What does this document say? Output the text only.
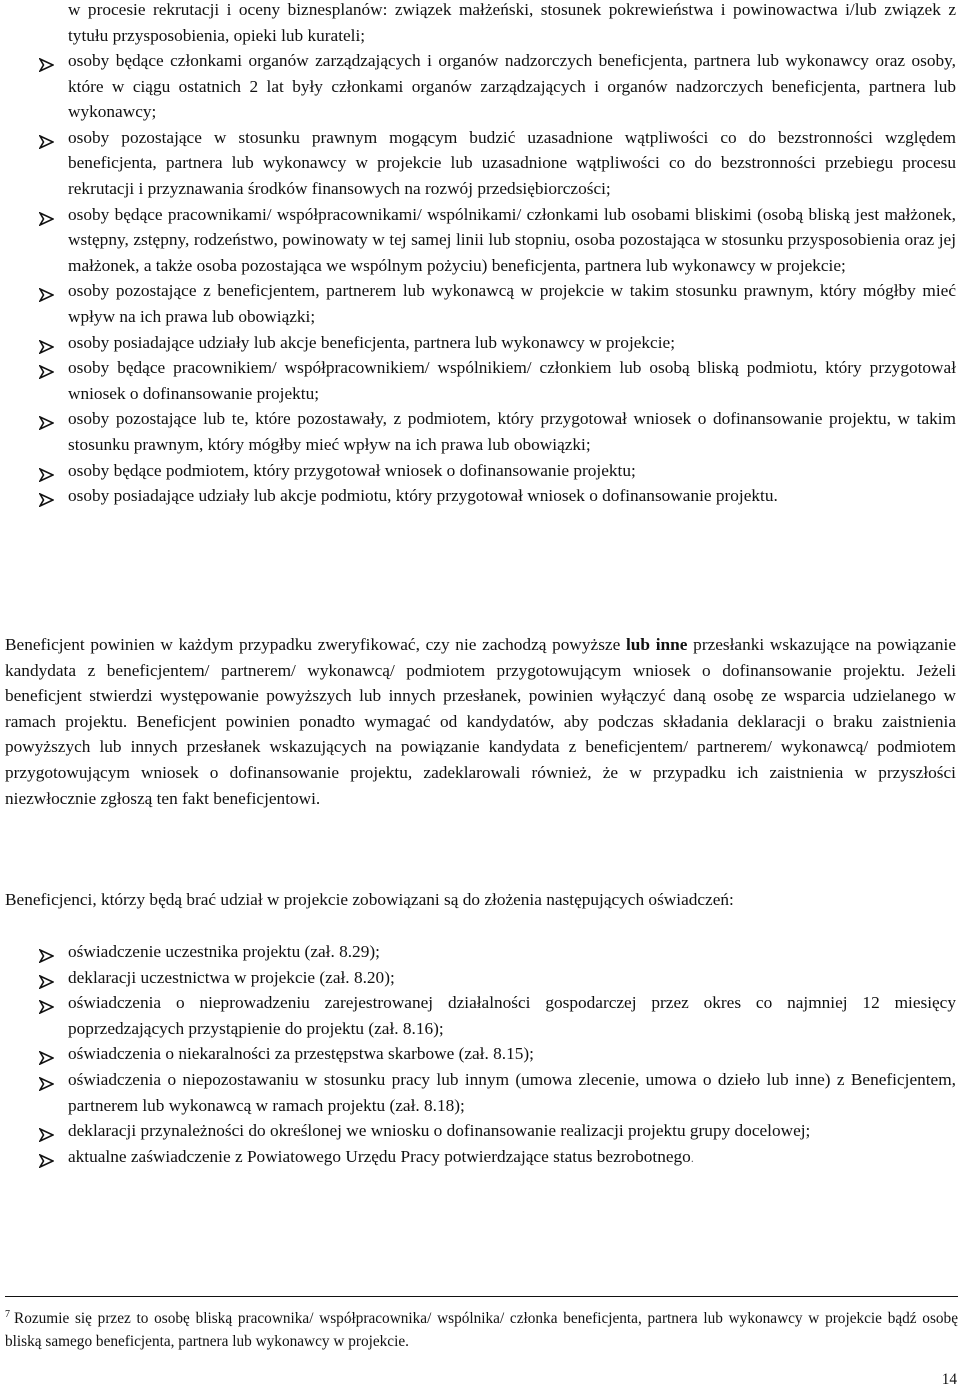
w procesie rekrutacji i oceny biznesplanów: związek małżeński, stosunek pokrewieństwa i powinowactwa i/lub związek z tytułu przysposobienia, opieki lub kurateli;
osoby będące członkami organów zarządzających i organów nadzorczych beneficjenta, partnera lub wykonawcy oraz osoby, które w ciągu ostatnich 2 lat były członkami organów zarządzających i organów nadzorczych beneficjenta, partnera lub wykonawcy;
osoby pozostające w stosunku prawnym mogącym budzić uzasadnione wątpliwości co do bezstronności względem beneficjenta, partnera lub wykonawcy w projekcie lub uzasadnione wątpliwości co do bezstronności przebiegu procesu rekrutacji i przyznawania środków finansowych na rozwój przedsiębiorczości;
osoby będące pracownikami/ współpracownikami/ wspólnikami/ członkami lub osobami bliskimi (osobą bliską jest małżonek, wstępny, zstępny, rodzeństwo, powinowaty w tej samej linii lub stopniu, osoba pozostająca w stosunku przysposobienia oraz jej małżonek, a także osoba pozostająca we wspólnym pożyciu) beneficjenta, partnera lub wykonawcy w projekcie;
osoby pozostające z beneficjentem, partnerem lub wykonawcą w projekcie w takim stosunku prawnym, który mógłby mieć wpływ na ich prawa lub obowiązki;
osoby posiadające udziały lub akcje beneficjenta, partnera lub wykonawcy w projekcie;
osoby będące pracownikiem/ współpracownikiem/ wspólnikiem/ członkiem lub osobą bliską podmiotu, który przygotował wniosek o dofinansowanie projektu;
osoby pozostające lub te, które pozostawały, z podmiotem, który przygotował wniosek o dofinansowanie projektu, w takim stosunku prawnym, który mógłby mieć wpływ na ich prawa lub obowiązki;
osoby będące podmiotem, który przygotował wniosek o dofinansowanie projektu;
osoby posiadające udziały lub akcje podmiotu, który przygotował wniosek o dofinansowanie projektu.

Beneficjent powinien w każdym przypadku zweryfikować, czy nie zachodzą powyższe lub inne przesłanki wskazujące na powiązanie kandydata z beneficjentem/ partnerem/ wykonawcą/ podmiotem przygotowującym wniosek o dofinansowanie projektu. Jeżeli beneficjent stwierdzi występowanie powyższych lub innych przesłanek, powinien wyłączyć daną osobę ze wsparcia udzielanego w ramach projektu. Beneficjent powinien ponadto wymagać od kandydatów, aby podczas składania deklaracji o braku zaistnienia powyższych lub innych przesłanek wskazujących na powiązanie kandydata z beneficjentem/ partnerem/ wykonawcą/ podmiotem przygotowującym wniosek o dofinansowanie projektu, zadeklarowali również, że w przypadku ich zaistnienia w przyszłości niezwłocznie zgłoszą ten fakt beneficjentowi.

Beneficjenci, którzy będą brać udział w projekcie zobowiązani są do złożenia następujących oświadczeń:

oświadczenie uczestnika projektu (zał. 8.29);
deklaracji uczestnictwa w projekcie (zał. 8.20);
oświadczenia o nieprowadzeniu zarejestrowanej działalności gospodarczej przez okres co najmniej 12 miesięcy poprzedzających przystąpienie do projektu (zał. 8.16);
oświadczenia o niekaralności za przestępstwa skarbowe (zał. 8.15);
oświadczenia o niepozostawaniu w stosunku pracy lub innym (umowa zlecenie, umowa o dzieło lub inne) z Beneficjentem, partnerem lub wykonawcą w ramach projektu (zał. 8.18);
deklaracji przynależności do określonej we wniosku o dofinansowanie realizacji projektu grupy docelowej;
aktualne zaświadczenie z Powiatowego Urzędu Pracy potwierdzające status bezrobotnego.

$^7$ Rozumie się przez to osobę bliską pracownika/ współpracownika/ wspólnika/ członka beneficjenta, partnera lub wykonawcy w projekcie bądź osobę bliską samego beneficjenta, partnera lub wykonawcy w projekcie.

14
